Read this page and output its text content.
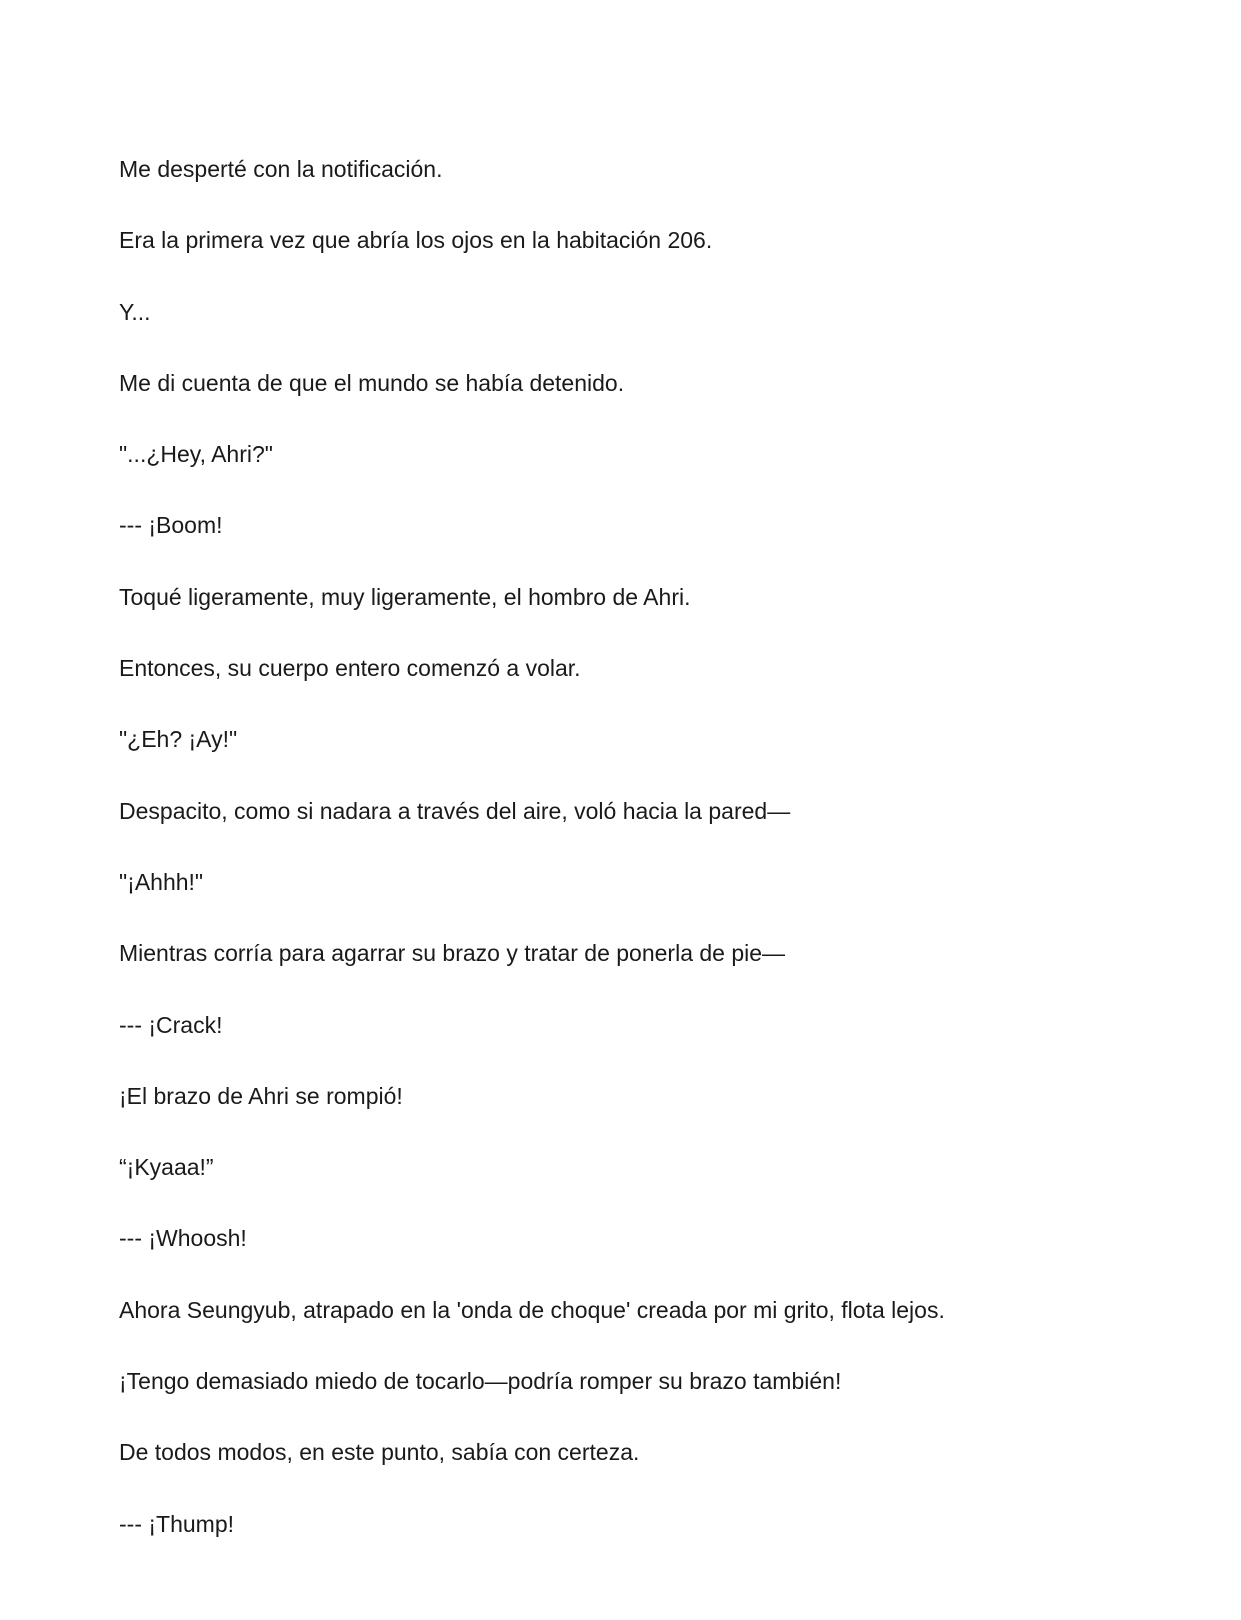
Me desperté con la notificación.

Era la primera vez que abría los ojos en la habitación 206.

Y...

Me di cuenta de que el mundo se había detenido.

"...¿Hey, Ahri?"

--- ¡Boom!

Toqué ligeramente, muy ligeramente, el hombro de Ahri.

Entonces, su cuerpo entero comenzó a volar.

"¿Eh? ¡Ay!"

Despacito, como si nadara a través del aire, voló hacia la pared—

"¡Ahhh!"

Mientras corría para agarrar su brazo y tratar de ponerla de pie—

--- ¡Crack!

¡El brazo de Ahri se rompió!

“¡Kyaaa!”

--- ¡Whoosh!

Ahora Seungyub, atrapado en la 'onda de choque' creada por mi grito, flota lejos.

¡Tengo demasiado miedo de tocarlo—podría romper su brazo también!

De todos modos, en este punto, sabía con certeza.

--- ¡Thump!
